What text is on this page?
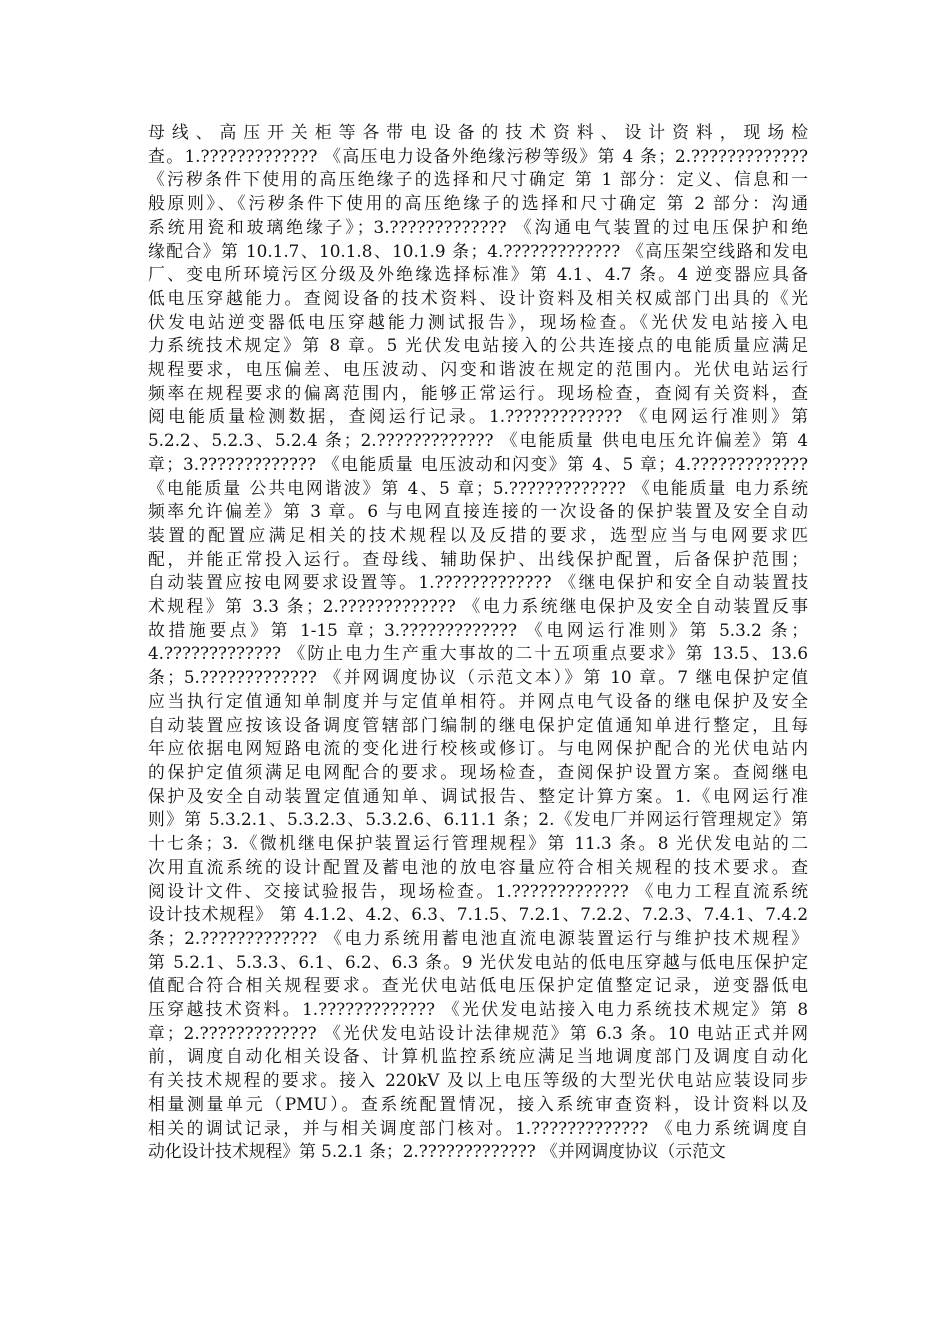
母线、高压开关柜等各带电设备的技术资料、设计资料，现场检
查。1.????????????? 《高压电力设备外绝缘污秽等级》第 4 条；2.?????????????
《污秽条件下使用的高压绝缘子的选择和尺寸确定 第 1 部分：定义、信息和一
般原则》、《污秽条件下使用的高压绝缘子的选择和尺寸确定 第 2 部分：沟通
系统用瓷和玻璃绝缘子》；3.????????????? 《沟通电气装置的过电压保护和绝
缘配合》第 10.1.7、10.1.8、10.1.9 条；4.????????????? 《高压架空线路和发电
厂、变电所环境污区分级及外绝缘选择标准》第 4.1、4.7 条。4 逆变器应具备
低电压穿越能力。查阅设备的技术资料、设计资料及相关权威部门出具的《光
伏发电站逆变器低电压穿越能力测试报告》，现场检查。《光伏发电站接入电
力系统技术规定》第 8 章。5 光伏发电站接入的公共连接点的电能质量应满足
规程要求，电压偏差、电压波动、闪变和谐波在规定的范围内。光伏电站运行
频率在规程要求的偏离范围内，能够正常运行。现场检查，查阅有关资料，查
阅电能质量检测数据，查阅运行记录。1.????????????? 《电网运行准则》第
5.2.2、5.2.3、5.2.4 条；2.????????????? 《电能质量 供电电压允许偏差》第 4
章；3.????????????? 《电能质量 电压波动和闪变》第 4、5 章；4.?????????????
《电能质量 公共电网谐波》第 4、5 章；5.????????????? 《电能质量 电力系统
频率允许偏差》第 3 章。6 与电网直接连接的一次设备的保护装置及安全自动
装置的配置应满足相关的技术规程以及反措的要求，选型应当与电网要求匹
配，并能正常投入运行。查母线、辅助保护、出线保护配置，后备保护范围；
自动装置应按电网要求设置等。1.????????????? 《继电保护和安全自动装置技
术规程》第 3.3 条；2.????????????? 《电力系统继电保护及安全自动装置反事
故措施要点》第 1-15 章；3.????????????? 《电网运行准则》第 5.3.2 条；
4.????????????? 《防止电力生产重大事故的二十五项重点要求》第 13.5、13.6
条；5.????????????? 《并网调度协议（示范文本）》第 10 章。7 继电保护定值
应当执行定值通知单制度并与定值单相符。并网点电气设备的继电保护及安全
自动装置应按该设备调度管辖部门编制的继电保护定值通知单进行整定，且每
年应依据电网短路电流的变化进行校核或修订。与电网保护配合的光伏电站内
的保护定值须满足电网配合的要求。现场检查，查阅保护设置方案。查阅继电
保护及安全自动装置定值通知单、调试报告、整定计算方案。1.《电网运行准
则》第 5.3.2.1、5.3.2.3、5.3.2.6、6.11.1 条；2.《发电厂并网运行管理规定》第
十七条；3.《微机继电保护装置运行管理规程》第 11.3 条。8 光伏发电站的二
次用直流系统的设计配置及蓄电池的放电容量应符合相关规程的技术要求。查
阅设计文件、交接试验报告，现场检查。1.????????????? 《电力工程直流系统
设计技术规程》 第 4.1.2、4.2、6.3、7.1.5、7.2.1、7.2.2、7.2.3、7.4.1、7.4.2
条；2.????????????? 《电力系统用蓄电池直流电源装置运行与维护技术规程》
第 5.2.1、5.3.3、6.1、6.2、6.3 条。9 光伏发电站的低电压穿越与低电压保护定
值配合符合相关规程要求。查光伏电站低电压保护定值整定记录，逆变器低电
压穿越技术资料。1.????????????? 《光伏发电站接入电力系统技术规定》第 8
章；2.????????????? 《光伏发电站设计法律规范》第 6.3 条。10 电站正式并网
前，调度自动化相关设备、计算机监控系统应满足当地调度部门及调度自动化
有关技术规程的要求。接入 220kV 及以上电压等级的大型光伏电站应装设同步
相量测量单元（PMU）。查系统配置情况，接入系统审查资料，设计资料以及
相关的调试记录，并与相关调度部门核对。1.????????????? 《电力系统调度自
动化设计技术规程》第 5.2.1 条；2.????????????? 《并网调度协议（示范文
